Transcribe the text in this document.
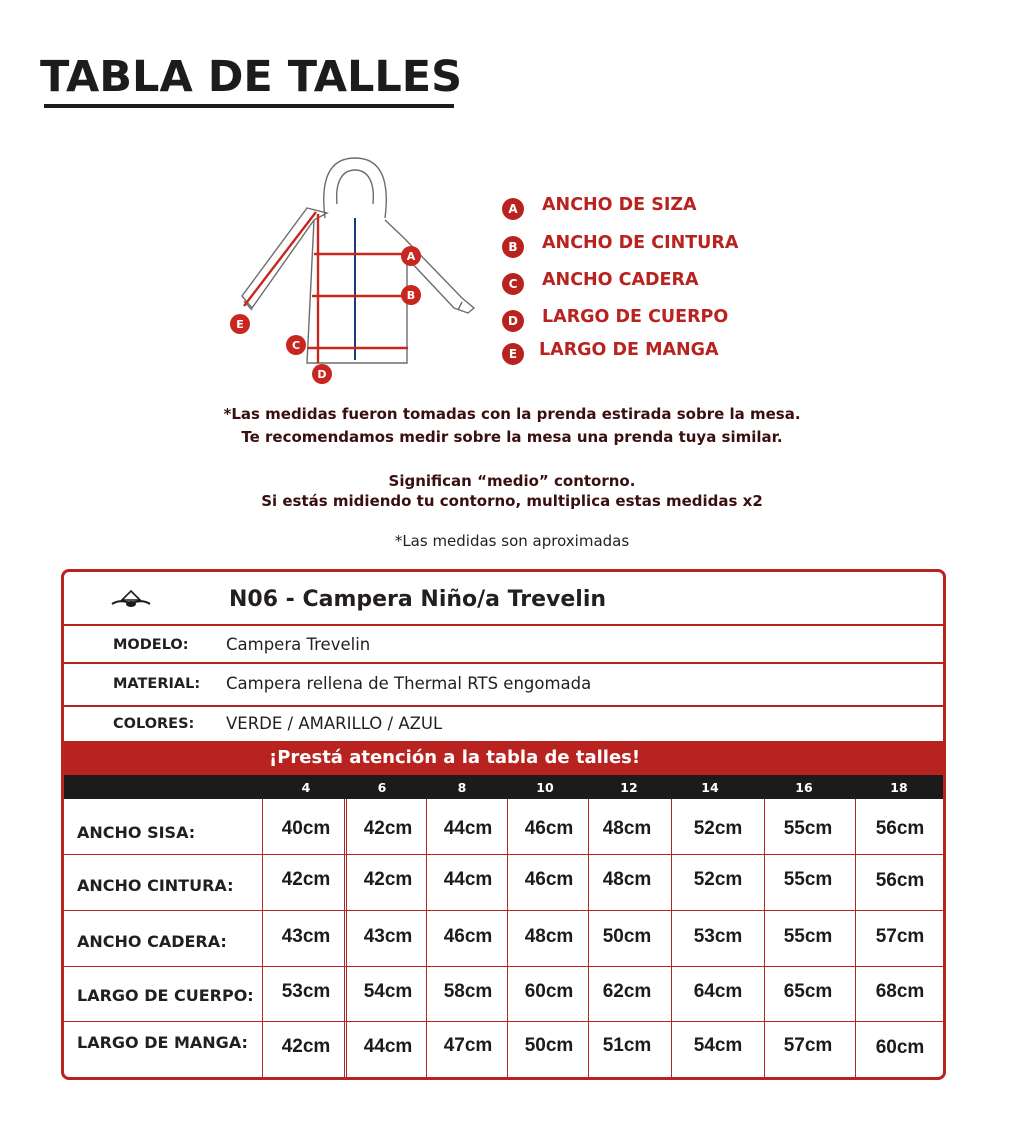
TABLA DE TALLES
A
B
C
D
E
A	ANCHO DE SIZA
B	ANCHO DE CINTURA
C	ANCHO CADERA
D	LARGO DE CUERPO
E	LARGO DE MANGA
*Las medidas fueron tomadas con la prenda estirada sobre la mesa.
Te recomendamos medir sobre la mesa una prenda tuya similar.
Significan “medio” contorno.
Si estás midiendo tu contorno, multiplica estas medidas x2
*Las medidas son aproximadas
N06 - Campera Niño/a Trevelin
MODELO: Campera Trevelin
MATERIAL: Campera rellena de Thermal RTS engomada
COLORES: VERDE / AMARILLO / AZUL
¡Prestá atención a la tabla de talles!
4	6	8	10	12	14	16	18
ANCHO SISA:	40cm	42cm	44cm	46cm	48cm	52cm	55cm	56cm
ANCHO CINTURA:	42cm	42cm	44cm	46cm	48cm	52cm	55cm	56cm
ANCHO CADERA:	43cm	43cm	46cm	48cm	50cm	53cm	55cm	57cm
LARGO DE CUERPO:	53cm	54cm	58cm	60cm	62cm	64cm	65cm	68cm
LARGO DE MANGA:	42cm	44cm	47cm	50cm	51cm	54cm	57cm	60cm
